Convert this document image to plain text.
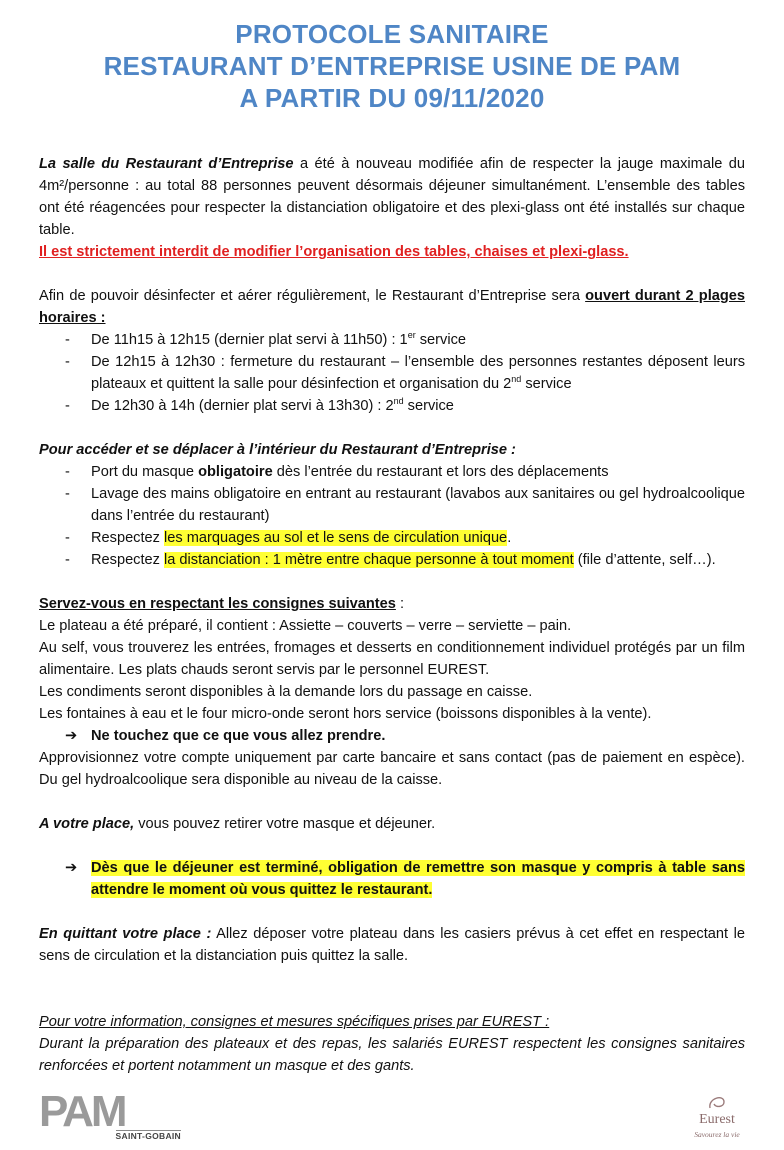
PROTOCOLE SANITAIRE
RESTAURANT D’ENTREPRISE USINE DE PAM
A PARTIR DU 09/11/2020

La salle du Restaurant d’Entreprise a été à nouveau modifiée afin de respecter la jauge maximale du 4m²/personne : au total 88 personnes peuvent désormais déjeuner simultanément. L’ensemble des tables ont été réagencées pour respecter la distanciation obligatoire et des plexi-glass ont été installés sur chaque table.

Il est strictement interdit de modifier l’organisation des tables, chaises et plexi-glass.

Afin de pouvoir désinfecter et aérer régulièrement, le Restaurant d’Entreprise sera ouvert durant 2 plages horaires :

- De 11h15 à 12h15 (dernier plat servi à 11h50) : 1er service
- De 12h15 à 12h30 : fermeture du restaurant – l’ensemble des personnes restantes déposent leurs plateaux et quittent la salle pour désinfection et organisation du 2nd service
- De 12h30 à 14h (dernier plat servi à 13h30) : 2nd service

Pour accéder et se déplacer à l’intérieur du Restaurant d’Entreprise :

- Port du masque obligatoire dès l’entrée du restaurant et lors des déplacements
- Lavage des mains obligatoire en entrant au restaurant (lavabos aux sanitaires ou gel hydroalcoolique dans l’entrée du restaurant)
- Respectez les marquages au sol et le sens de circulation unique.
- Respectez la distanciation : 1 mètre entre chaque personne à tout moment (file d’attente, self…).

Servez-vous en respectant les consignes suivantes :

Le plateau a été préparé, il contient : Assiette – couverts – verre – serviette – pain.

Au self, vous trouverez les entrées, fromages et desserts en conditionnement individuel protégés par un film alimentaire. Les plats chauds seront servis par le personnel EUREST.

Les condiments seront disponibles à la demande lors du passage en caisse.

Les fontaines à eau et le four micro-onde seront hors service (boissons disponibles à la vente).

➔ Ne touchez que ce que vous allez prendre.

Approvisionnez votre compte uniquement par carte bancaire et sans contact (pas de paiement en espèce). Du gel hydroalcoolique sera disponible au niveau de la caisse.

A votre place, vous pouvez retirer votre masque et déjeuner.

➔ Dès que le déjeuner est terminé, obligation de remettre son masque y compris à table sans attendre le moment où vous quittez le restaurant.

En quittant votre place : Allez déposer votre plateau dans les casiers prévus à cet effet en respectant le sens de circulation et la distanciation puis quittez la salle.

Pour votre information, consignes et mesures spécifiques prises par EUREST :

Durant la préparation des plateaux et des repas, les salariés EUREST respectent les consignes sanitaires renforcées et portent notamment un masque et des gants.

PAM
SAINT-GOBAIN
Eurest
Savourez la vie
